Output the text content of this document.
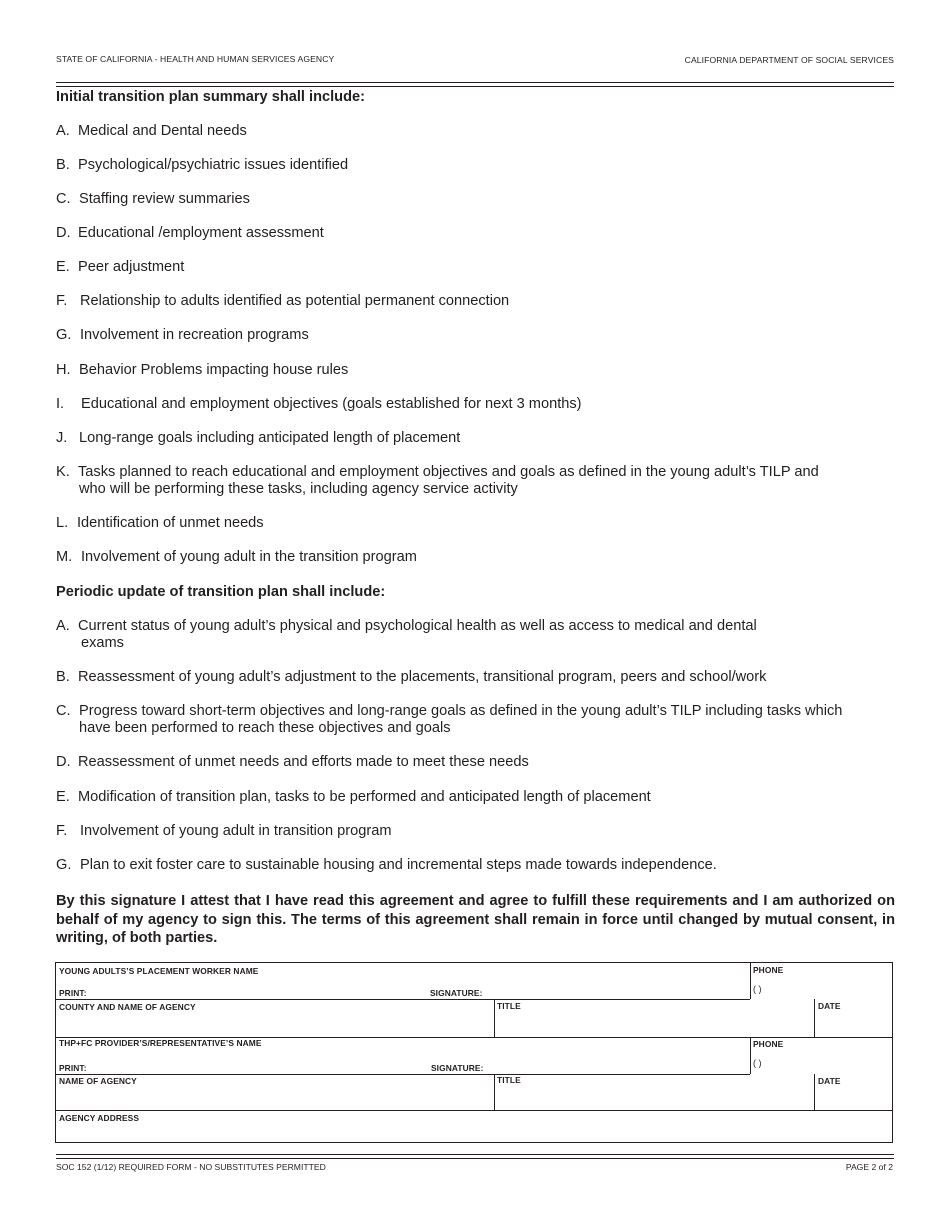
STATE OF CALIFORNIA - HEALTH AND HUMAN SERVICES AGENCY	CALIFORNIA DEPARTMENT OF SOCIAL SERVICES
Initial transition plan summary shall include:
A. Medical and Dental needs
B. Psychological/psychiatric issues identified
C. Staffing review summaries
D. Educational /employment assessment
E. Peer adjustment
F. Relationship to adults identified as potential permanent connection
G. Involvement in recreation programs
H. Behavior Problems impacting house rules
I. Educational and employment objectives (goals established for next 3 months)
J. Long-range goals including anticipated length of placement
K. Tasks planned to reach educational and employment objectives and goals as defined in the young adult’s TILP and
who will be performing these tasks, including agency service activity
L. Identification of unmet needs
M. Involvement of young adult in the transition program
Periodic update of transition plan shall include:
A. Current status of young adult’s physical and psychological health as well as access to medical and dental
exams
B. Reassessment of young adult’s adjustment to the placements, transitional program, peers and school/work
C. Progress toward short-term objectives and long-range goals as defined in the young adult’s TILP including tasks which
have been performed to reach these objectives and goals
D. Reassessment of unmet needs and efforts made to meet these needs
E. Modification of transition plan, tasks to be performed and anticipated length of placement
F. Involvement of young adult in transition program
G. Plan to exit foster care to sustainable housing and incremental steps made towards independence.
By this signature I attest that I have read this agreement and agree to fulfill these requirements and I am authorized on behalf of my agency to sign this. The terms of this agreement shall remain in force until changed by mutual consent, in writing, of both parties.
YOUNG ADULTS’S PLACEMENT WORKER NAME
PRINT:	SIGNATURE:
PHONE
( )
COUNTY AND NAME OF AGENCY	TITLE	DATE
THP+FC PROVIDER’S/REPRESENTATIVE’S NAME
PRINT:	SIGNATURE:
PHONE
( )
NAME OF AGENCY	TITLE	DATE
AGENCY ADDRESS
SOC 152 (1/12) REQUIRED FORM - NO SUBSTITUTES PERMITTED	PAGE 2 of 2
